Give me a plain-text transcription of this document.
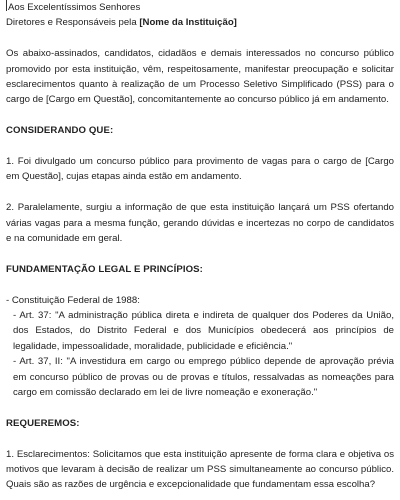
Aos Excelentíssimos Senhores

Diretores e Responsáveis pela [Nome da Instituição]

Os abaixo-assinados, candidatos, cidadãos e demais interessados no concurso público promovido por esta instituição, vêm, respeitosamente, manifestar preocupação e solicitar esclarecimentos quanto à realização de um Processo Seletivo Simplificado (PSS) para o cargo de [Cargo em Questão], concomitantemente ao concurso público já em andamento.

CONSIDERANDO QUE:

1. Foi divulgado um concurso público para provimento de vagas para o cargo de [Cargo em Questão], cujas etapas ainda estão em andamento.

2. Paralelamente, surgiu a informação de que esta instituição lançará um PSS ofertando várias vagas para a mesma função, gerando dúvidas e incertezas no corpo de candidatos e na comunidade em geral.

FUNDAMENTAÇÃO LEGAL E PRINCÍPIOS:

- Constituição Federal de 1988:

- Art. 37: "A administração pública direta e indireta de qualquer dos Poderes da União, dos Estados, do Distrito Federal e dos Municípios obedecerá aos princípios de legalidade, impessoalidade, moralidade, publicidade e eficiência."

- Art. 37, II: "A investidura em cargo ou emprego público depende de aprovação prévia em concurso público de provas ou de provas e títulos, ressalvadas as nomeações para cargo em comissão declarado em lei de livre nomeação e exoneração."

REQUEREMOS:

1. Esclarecimentos: Solicitamos que esta instituição apresente de forma clara e objetiva os motivos que levaram à decisão de realizar um PSS simultaneamente ao concurso público. Quais são as razões de urgência e excepcionalidade que fundamentam essa escolha?
